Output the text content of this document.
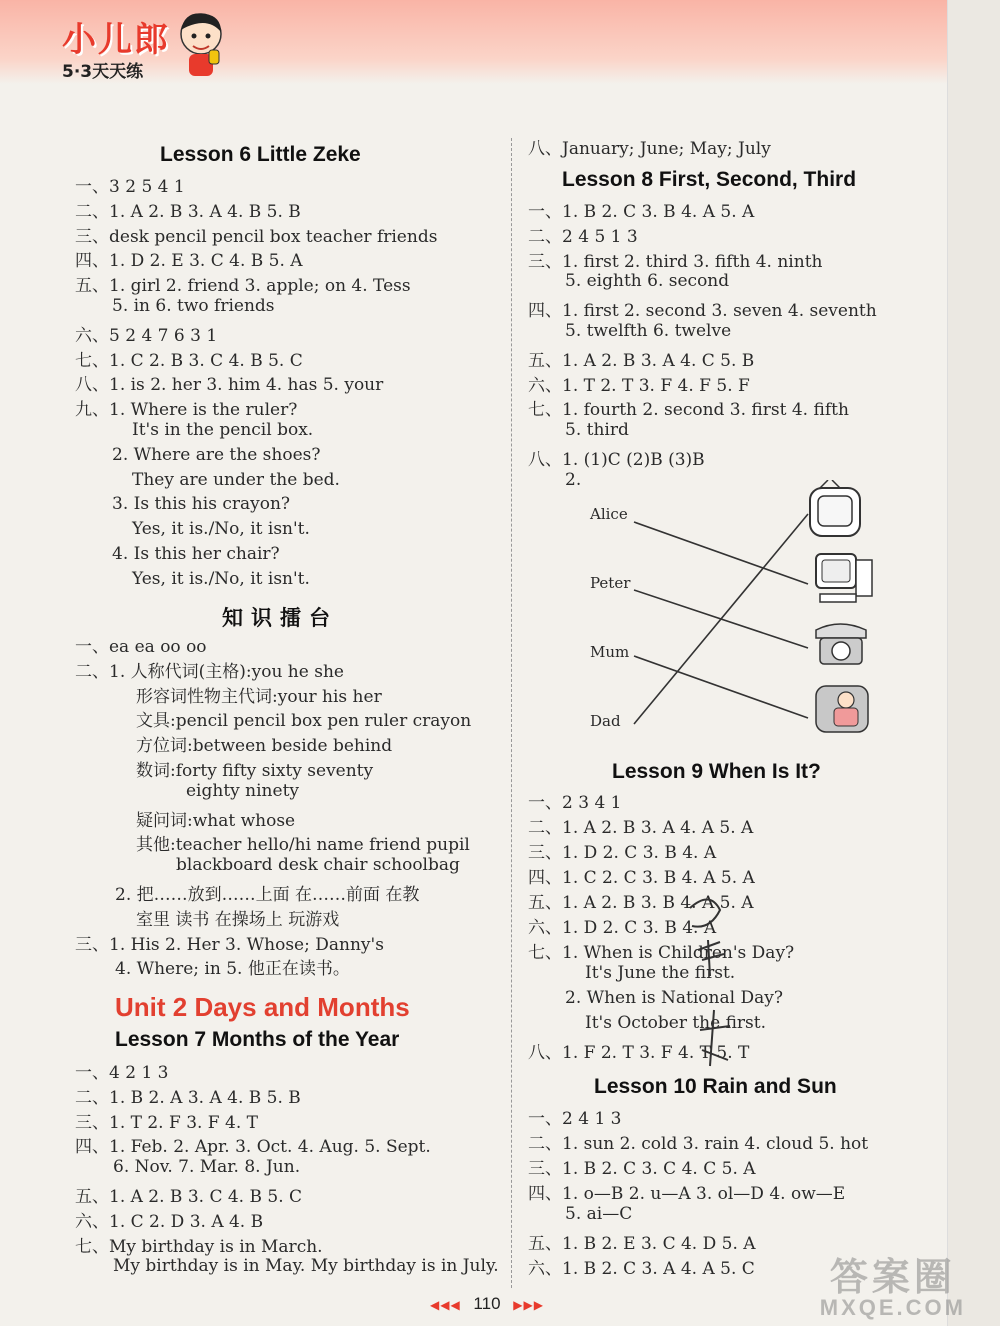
小儿郎
5·3天天练
Lesson 6 Little Zeke
一、3 2 5 4 1
二、1. A 2. B 3. A 4. B 5. B
三、desk pencil pencil box teacher friends
四、1. D 2. E 3. C 4. B 5. A
五、1. girl 2. friend 3. apple; on 4. Tess
5. in 6. two friends
六、5 2 4 7 6 3 1
七、1. C 2. B 3. C 4. B 5. C
八、1. is 2. her 3. him 4. has 5. your
九、1. Where is the ruler?
It's in the pencil box.
2. Where are the shoes?
They are under the bed.
3. Is this his crayon?
Yes, it is./No, it isn't.
4. Is this her chair?
Yes, it is./No, it isn't.
知识擂台
一、ea ea oo oo
二、1. 人称代词(主格):you he she
形容词性物主代词:your his her
文具:pencil pencil box pen ruler crayon
方位词:between beside behind
数词:forty fifty sixty seventy
eighty ninety
疑问词:what whose
其他:teacher hello/hi name friend pupil
blackboard desk chair schoolbag
2. 把……放到……上面 在……前面 在教
室里 读书 在操场上 玩游戏
三、1. His 2. Her 3. Whose; Danny's
4. Where; in 5. 他正在读书。
Unit 2 Days and Months
Lesson 7 Months of the Year
一、4 2 1 3
二、1. B 2. A 3. A 4. B 5. B
三、1. T 2. F 3. F 4. T
四、1. Feb. 2. Apr. 3. Oct. 4. Aug. 5. Sept.
6. Nov. 7. Mar. 8. Jun.
五、1. A 2. B 3. C 4. B 5. C
六、1. C 2. D 3. A 4. B
七、My birthday is in March.
My birthday is in May. My birthday is in July.
八、January; June; May; July
Lesson 8 First, Second, Third
一、1. B 2. C 3. B 4. A 5. A
二、2 4 5 1 3
三、1. first 2. third 3. fifth 4. ninth
5. eighth 6. second
四、1. first 2. second 3. seven 4. seventh
5. twelfth 6. twelve
五、1. A 2. B 3. A 4. C 5. B
六、1. T 2. T 3. F 4. F 5. F
七、1. fourth 2. second 3. first 4. fifth
5. third
八、1. (1)C (2)B (3)B
2.
Alice
Peter
Mum
Dad
Lesson 9 When Is It?
一、2 3 4 1
二、1. A 2. B 3. A 4. A 5. A
三、1. D 2. C 3. B 4. A
四、1. C 2. C 3. B 4. A 5. A
五、1. A 2. B 3. B 4. A 5. A
六、1. D 2. C 3. B 4. A
七、1. When is Children's Day?
It's June the first.
2. When is National Day?
It's October the first.
八、1. F 2. T 3. F 4. T 5. T
Lesson 10 Rain and Sun
一、2 4 1 3
二、1. sun 2. cold 3. rain 4. cloud 5. hot
三、1. B 2. C 3. C 4. C 5. A
四、1. o—B 2. u—A 3. ol—D 4. ow—E
5. ai—C
五、1. B 2. E 3. C 4. D 5. A
六、1. B 2. C 3. A 4. A 5. C
◀◀◀ 110 ▶▶▶
答案圈
MXQE.COM
